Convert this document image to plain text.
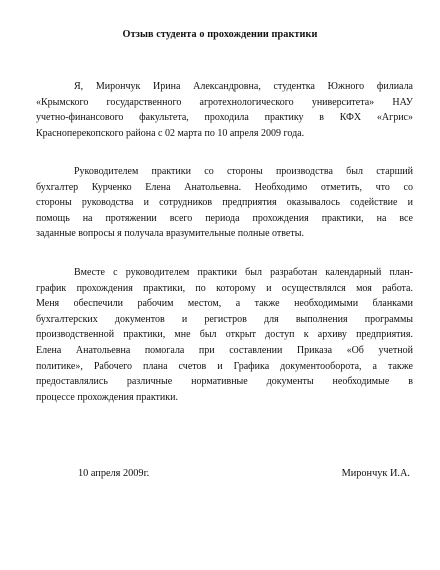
Отзыв студента о прохождении практики
Я, Мирончук Ирина Александровна, студентка Южного филиала
«Крымского государственного агротехнологического университета» НАУ
учетно-финансового факультета, проходила практику в КФХ «Агрис»
Красноперекопского района с 02 марта по 10 апреля 2009 года.
Руководителем практики со стороны производства был старший
бухгалтер Курченко Елена Анатольевна. Необходимо отметить, что со
стороны руководства и сотрудников предприятия оказывалось содействие и
помощь на протяжении всего периода прохождения практики, на все
заданные вопросы я получала вразумительные полные ответы.
Вместе с руководителем практики был разработан календарный план-
график прохождения практики, по которому и осуществлялся моя работа.
Меня обеспечили рабочим местом, а также необходимыми бланками
бухгалтерских документов и регистров для выполнения программы
производственной практики, мне был открыт доступ к архиву предприятия.
Елена Анатольевна помогала при составлении Приказа «Об учетной
политике», Рабочего плана счетов и Графика документооборота, а также
предоставлялись различные нормативные документы необходимые в
процессе прохождения практики.
10 апреля 2009г.	Мирончук И.А.
